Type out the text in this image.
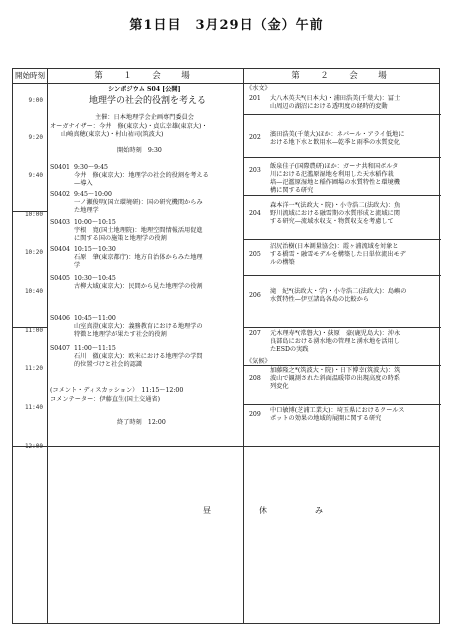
第1日目　3月29日（金）午前
開始時刻	第　１　会　場	第　２　会　場
9:00
9:20
9:40
10:00
10:20
10:40
11:00
11:20
11:40
12:00
シンポジウム S04 [公開]
地理学の社会的役割を考える
主催：日本地理学会企画専門委員会
オーガナイザー：今井　修(東京大)・貞広幸雄(東京大)・
山崎真穂(東京大)・村山祐司(筑波大)
開始時刻　9:30
S0401 9:30～9:45
今井　修(東京大)：地理学の社会的役割を考える
—導入
S0402 9:45～10:00
一ノ瀬俊明(国立環境研)：国の研究機関からみ
た地理学
S0403 10:00～10:15
宇根　寛(国土地理院)：地理空間情報活用促進
に関する国の施策と地理学の役割
S0404 10:15～10:30
石原　肇(東京都庁)：地方自治体からみた地理
学
S0405 10:30～10:45
古柳大域(東京大)：民間から見た地理学の役割
S0406 10:45～11:00
山室真澄(東京大)：義務教育における地理学の
特徴と地理学が果たす社会的役割
S0407 11:00～11:15
石川　徹(東京大)：欧米における地理学の学問
的位置づけと社会的認識
(コメント・ディスカッション）　11:15～12:00
コメンテーター：伊藤直生(国土交通省)
終了時刻　12:00
《水文》
201 大八木英夫*(日本大)・浦田浩美(千葉大)：冨士
山周辺の湖沼における透明度の経時的変動
202 濱田浩美(千葉大)ほか：ネパール・アライ低地に
おける地下水と飲用水—乾季と雨季の水質変化
203
飯泉佳子(国際農研)ほか：ガーナ共和国ボルタ
川における氾濫原湿地を利用した天水稲作栽
培—氾濫原湿地と稲作圃場の水質特性と環境機
構に関する研究
204
森本洋一*(法政大・院)・小寺浩二(法政大)：魚
野川流域における融雪期の水質形成と流域に関
する研究—流域水収支・物質収支を考慮して
205
沼尻治樹(日本測量協会)：霞ヶ浦流域を対象と
する橋雪・融雪モデルを構築した日単位流出モデ
ルの構築
206
滝　紀*(法政大・学)・小寺浩二(法政大)：島嶼の
水質特性—伊豆諸島各島の比較から
207 元木理寿*(常磐大)・荻原　豪(鹿児島大)：沖永
良部島における湧水地の管理と湧水地を活用し
たESDの実践
《気候》
208
加藤隆之*(筑波大・院)・日下博幸(筑波大)：筑
波山で観測された斜面温暖帯の出現高度の時系
列変化
209
中口敏博(芝浦工業大)：埼玉県におけるクールス
ポットの効果の地域的展開に関する研究
昼　休　み
